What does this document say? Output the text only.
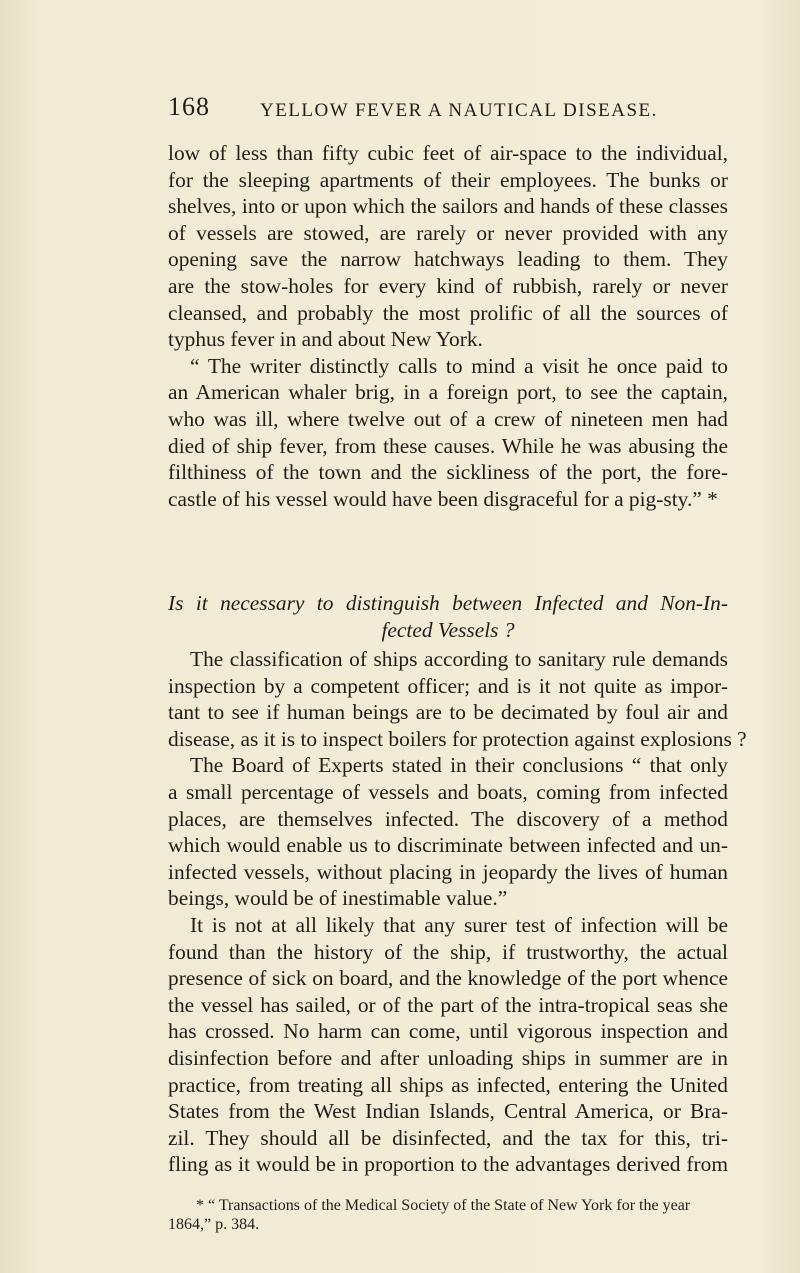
168	YELLOW FEVER A NAUTICAL DISEASE.
low of less than fifty cubic feet of air-space to the individual,
for the sleeping apartments of their employees. The bunks or
shelves, into or upon which the sailors and hands of these classes
of vessels are stowed, are rarely or never provided with any
opening save the narrow hatchways leading to them. They
are the stow-holes for every kind of rubbish, rarely or never
cleansed, and probably the most prolific of all the sources of
typhus fever in and about New York.
“ The writer distinctly calls to mind a visit he once paid to
an American whaler brig, in a foreign port, to see the captain,
who was ill, where twelve out of a crew of nineteen men had
died of ship fever, from these causes. While he was abusing the
filthiness of the town and the sickliness of the port, the fore-
castle of his vessel would have been disgraceful for a pig-sty.” *
Is it necessary to distinguish between Infected and Non-In-
fected Vessels ?
The classification of ships according to sanitary rule demands
inspection by a competent officer; and is it not quite as impor-
tant to see if human beings are to be decimated by foul air and
disease, as it is to inspect boilers for protection against explosions ?
The Board of Experts stated in their conclusions “ that only
a small percentage of vessels and boats, coming from infected
places, are themselves infected. The discovery of a method
which would enable us to discriminate between infected and un-
infected vessels, without placing in jeopardy the lives of human
beings, would be of inestimable value.”
It is not at all likely that any surer test of infection will be
found than the history of the ship, if trustworthy, the actual
presence of sick on board, and the knowledge of the port whence
the vessel has sailed, or of the part of the intra-tropical seas she
has crossed. No harm can come, until vigorous inspection and
disinfection before and after unloading ships in summer are in
practice, from treating all ships as infected, entering the United
States from the West Indian Islands, Central America, or Bra-
zil. They should all be disinfected, and the tax for this, tri-
fling as it would be in proportion to the advantages derived from
* “ Transactions of the Medical Society of the State of New York for the year
1864,” p. 384.
